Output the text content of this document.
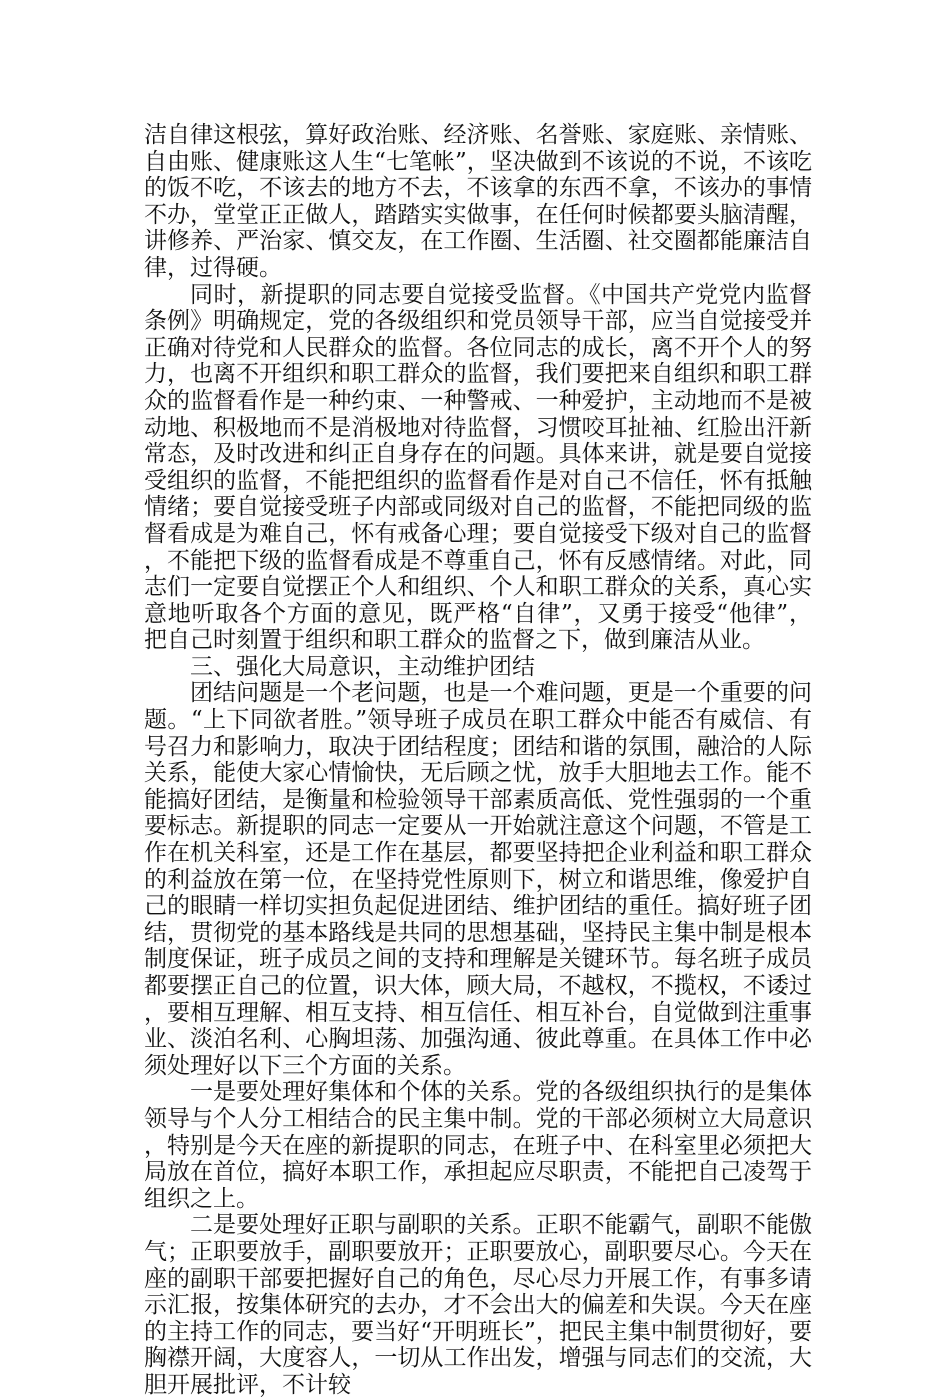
洁自律这根弦，算好政治账、经济账、名誉账、家庭账、亲情账、自由账、健康账这人生“七笔帐”，坚决做到不该说的不说，不该吃的饭不吃，不该去的地方不去，不该拿的东西不拿，不该办的事情不办，堂堂正正做人，踏踏实实做事，在任何时候都要头脑清醒，讲修养、严治家、慎交友，在工作圈、生活圈、社交圈都能廉洁自律，过得硬。

同时，新提职的同志要自觉接受监督。《中国共产党党内监督条例》明确规定，党的各级组织和党员领导干部，应当自觉接受并正确对待党和人民群众的监督。各位同志的成长，离不开个人的努力，也离不开组织和职工群众的监督，我们要把来自组织和职工群众的监督看作是一种约束、一种警戒、一种爱护，主动地而不是被动地、积极地而不是消极地对待监督，习惯咬耳扯袖、红脸出汗新常态，及时改进和纠正自身存在的问题。具体来讲，就是要自觉接受组织的监督，不能把组织的监督看作是对自己不信任，怀有抵触情绪；要自觉接受班子内部或同级对自己的监督，不能把同级的监督看成是为难自己，怀有戒备心理；要自觉接受下级对自己的监督，不能把下级的监督看成是不尊重自己，怀有反感情绪。对此，同志们一定要自觉摆正个人和组织、个人和职工群众的关系，真心实意地听取各个方面的意见，既严格“自律”，又勇于接受“他律”，把自己时刻置于组织和职工群众的监督之下，做到廉洁从业。

三、强化大局意识，主动维护团结

团结问题是一个老问题，也是一个难问题，更是一个重要的问题。“上下同欲者胜。”领导班子成员在职工群众中能否有威信、有号召力和影响力，取决于团结程度；团结和谐的氛围，融洽的人际关系，能使大家心情愉快，无后顾之忧，放手大胆地去工作。能不能搞好团结，是衡量和检验领导干部素质高低、党性强弱的一个重要标志。新提职的同志一定要从一开始就注意这个问题，不管是工作在机关科室，还是工作在基层，都要坚持把企业利益和职工群众的利益放在第一位，在坚持党性原则下，树立和谐思维，像爱护自己的眼睛一样切实担负起促进团结、维护团结的重任。搞好班子团结，贯彻党的基本路线是共同的思想基础，坚持民主集中制是根本制度保证，班子成员之间的支持和理解是关键环节。每名班子成员都要摆正自己的位置，识大体，顾大局，不越权，不揽权，不诿过，要相互理解、相互支持、相互信任、相互补台，自觉做到注重事业、淡泊名利、心胸坦荡、加强沟通、彼此尊重。在具体工作中必须处理好以下三个方面的关系。

一是要处理好集体和个体的关系。党的各级组织执行的是集体领导与个人分工相结合的民主集中制。党的干部必须树立大局意识，特别是今天在座的新提职的同志，在班子中、在科室里必须把大局放在首位，搞好本职工作，承担起应尽职责，不能把自己凌驾于组织之上。

二是要处理好正职与副职的关系。正职不能霸气，副职不能傲气；正职要放手，副职要放开；正职要放心，副职要尽心。今天在座的副职干部要把握好自己的角色，尽心尽力开展工作，有事多请示汇报，按集体研究的去办，才不会出大的偏差和失误。今天在座的主持工作的同志，要当好“开明班长”，把民主集中制贯彻好，要胸襟开阔，大度容人，一切从工作出发，增强与同志们的交流，大胆开展批评，不计较
